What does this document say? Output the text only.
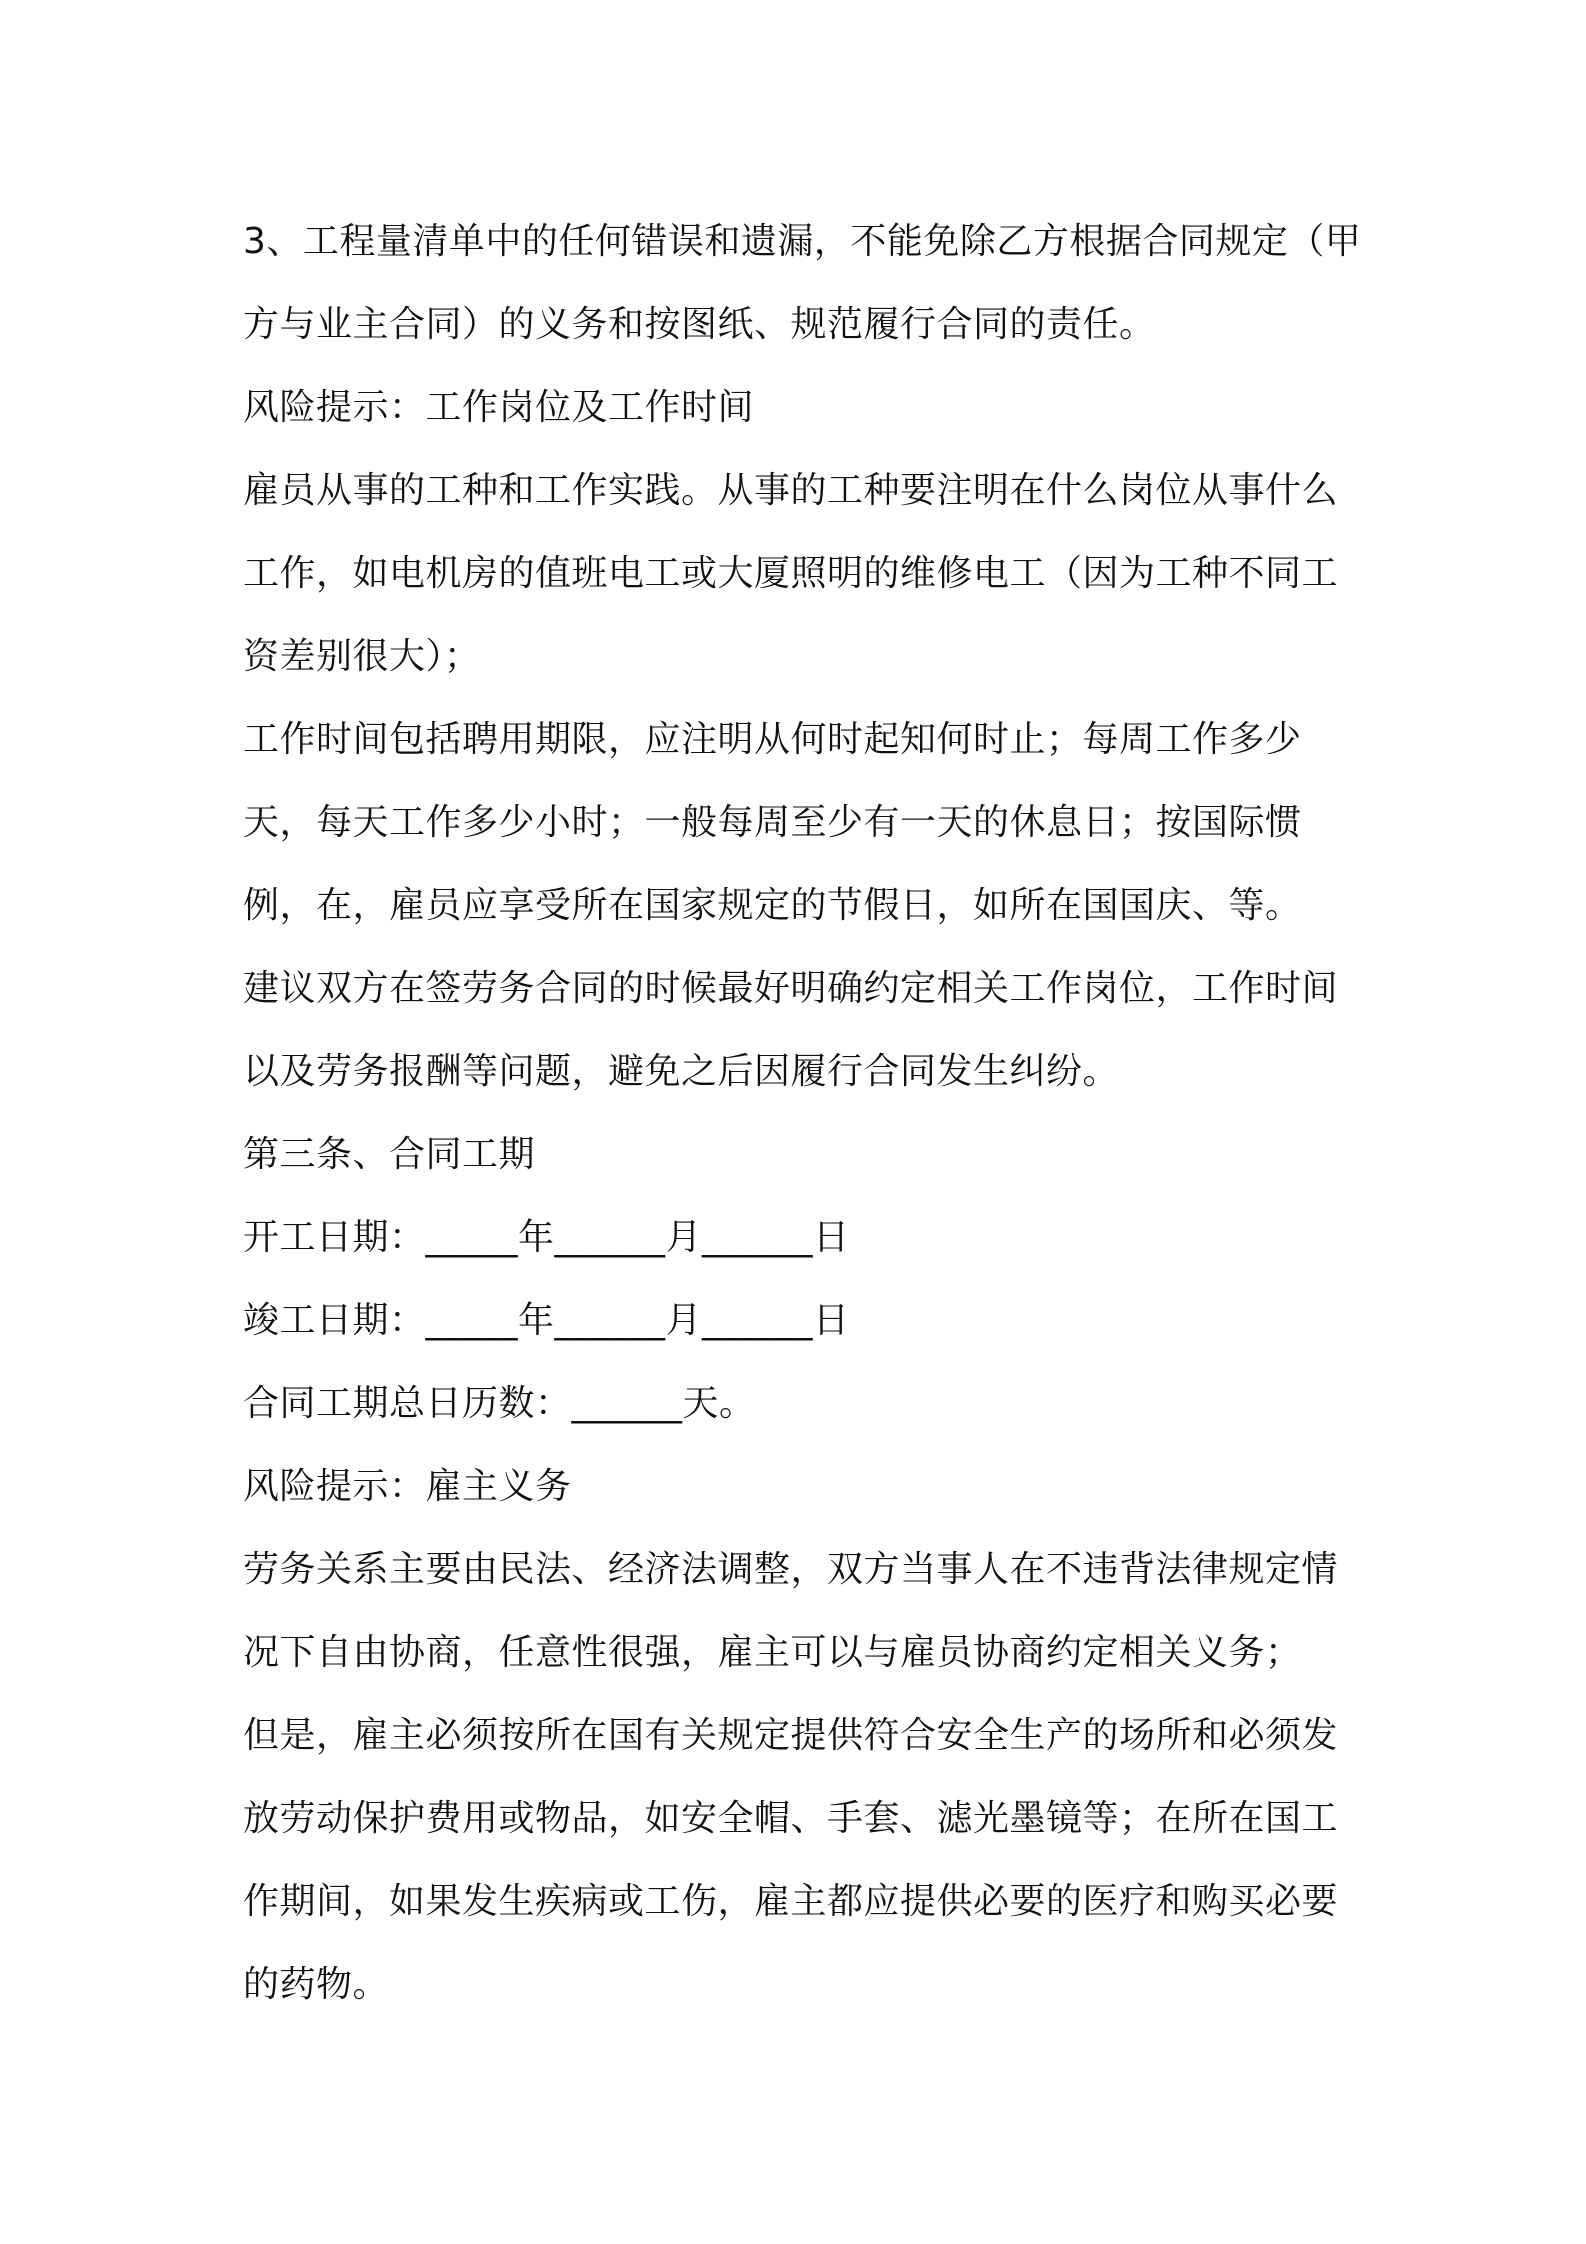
3、工程量清单中的任何错误和遗漏，不能免除乙方根据合同规定（甲方与业主合同）的义务和按图纸、规范履行合同的责任。

风险提示：工作岗位及工作时间

雇员从事的工种和工作实践。从事的工种要注明在什么岗位从事什么工作，如电机房的值班电工或大厦照明的维修电工（因为工种不同工资差别很大）；

工作时间包括聘用期限，应注明从何时起知何时止；每周工作多少天，每天工作多少小时；一般每周至少有一天的休息日；按国际惯例，在，雇员应享受所在国家规定的节假日，如所在国国庆、等。

建议双方在签劳务合同的时候最好明确约定相关工作岗位，工作时间以及劳务报酬等问题，避免之后因履行合同发生纠纷。

第三条、合同工期

开工日期：_____年______月______日

竣工日期：_____年______月______日

合同工期总日历数：______天。

风险提示：雇主义务

劳务关系主要由民法、经济法调整，双方当事人在不违背法律规定情况下自由协商，任意性很强，雇主可以与雇员协商约定相关义务；

但是，雇主必须按所在国有关规定提供符合安全生产的场所和必须发放劳动保护费用或物品，如安全帽、手套、滤光墨镜等；在所在国工作期间，如果发生疾病或工伤，雇主都应提供必要的医疗和购买必要的药物。
